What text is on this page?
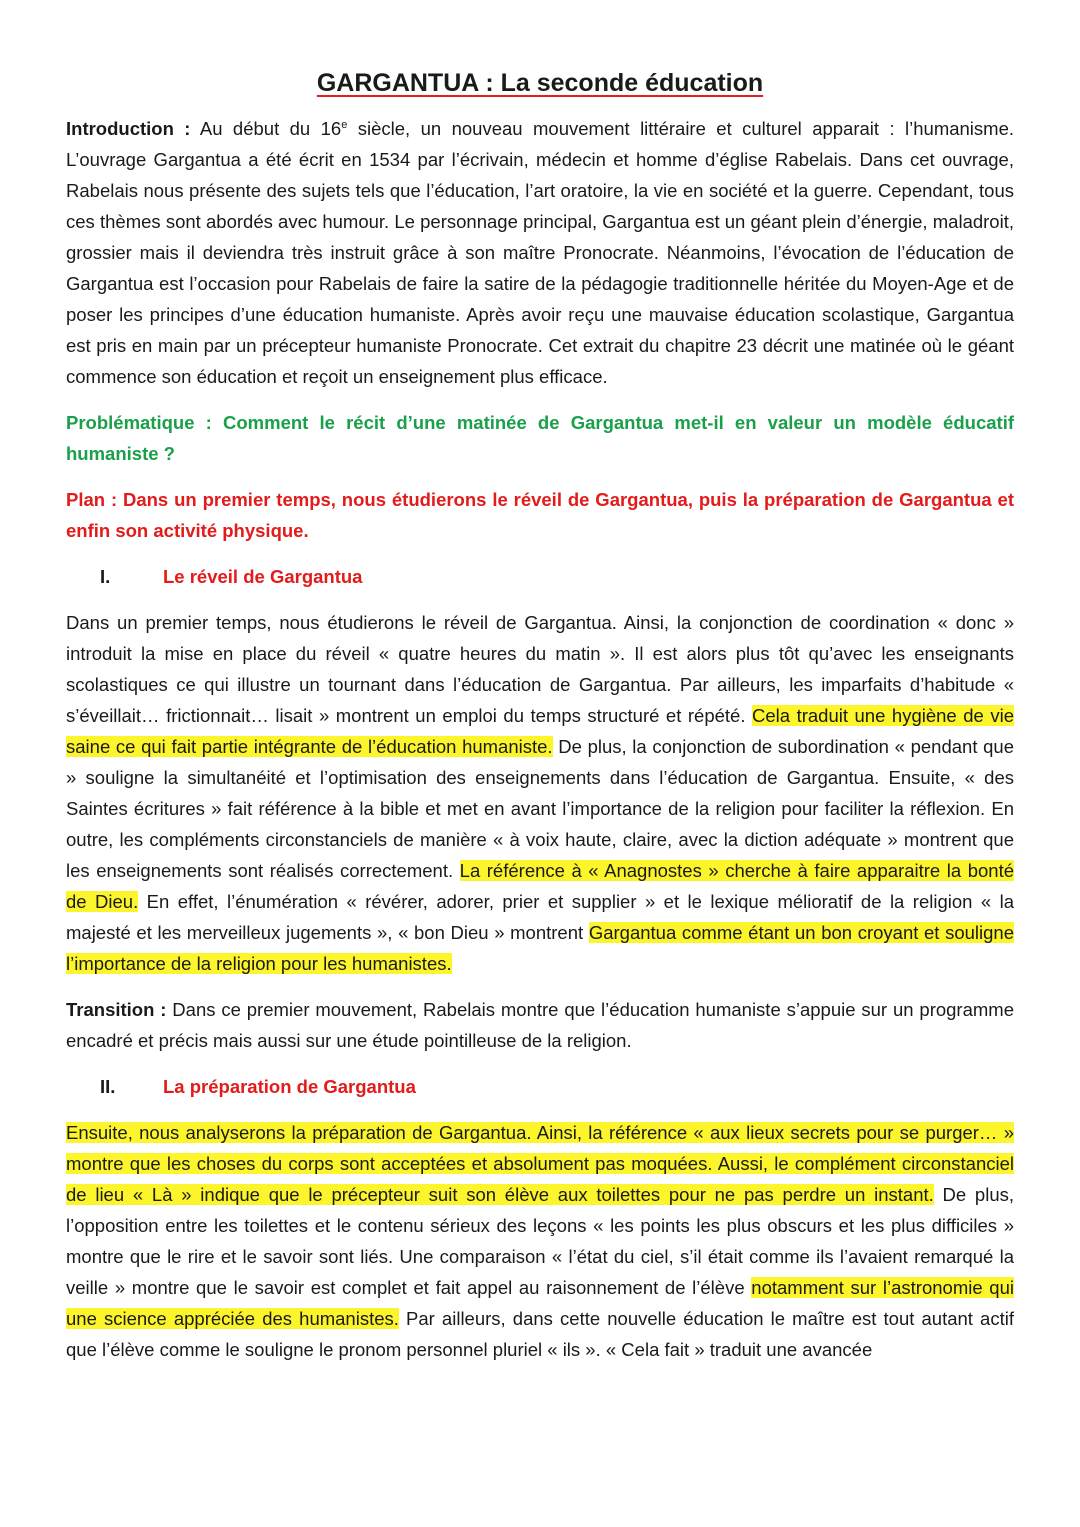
GARGANTUA : La seconde éducation

Introduction : Au début du 16e siècle, un nouveau mouvement littéraire et culturel apparait : l’humanisme. L’ouvrage Gargantua a été écrit en 1534 par l’écrivain, médecin et homme d’église Rabelais. Dans cet ouvrage, Rabelais nous présente des sujets tels que l’éducation, l’art oratoire, la vie en société et la guerre. Cependant, tous ces thèmes sont abordés avec humour. Le personnage principal, Gargantua est un géant plein d’énergie, maladroit, grossier mais il deviendra très instruit grâce à son maître Pronocrate. Néanmoins, l’évocation de l’éducation de Gargantua est l’occasion pour Rabelais de faire la satire de la pédagogie traditionnelle héritée du Moyen-Age et de poser les principes d’une éducation humaniste. Après avoir reçu une mauvaise éducation scolastique, Gargantua est pris en main par un précepteur humaniste Pronocrate. Cet extrait du chapitre 23 décrit une matinée où le géant commence son éducation et reçoit un enseignement plus efficace.

Problématique : Comment le récit d’une matinée de Gargantua met-il en valeur un modèle éducatif humaniste ?

Plan : Dans un premier temps, nous étudierons le réveil de Gargantua, puis la préparation de Gargantua et enfin son activité physique.

I.	Le réveil de Gargantua

Dans un premier temps, nous étudierons le réveil de Gargantua. Ainsi, la conjonction de coordination « donc » introduit la mise en place du réveil « quatre heures du matin ». Il est alors plus tôt qu’avec les enseignants scolastiques ce qui illustre un tournant dans l’éducation de Gargantua. Par ailleurs, les imparfaits d’habitude « s’éveillait… frictionnait… lisait » montrent un emploi du temps structuré et répété. Cela traduit une hygiène de vie saine ce qui fait partie intégrante de l’éducation humaniste. De plus, la conjonction de subordination « pendant que » souligne la simultanéité et l’optimisation des enseignements dans l’éducation de Gargantua. Ensuite, « des Saintes écritures » fait référence à la bible et met en avant l’importance de la religion pour faciliter la réflexion. En outre, les compléments circonstanciels de manière « à voix haute, claire, avec la diction adéquate » montrent que les enseignements sont réalisés correctement. La référence à « Anagnostes » cherche à faire apparaitre la bonté de Dieu. En effet, l’énumération « révérer, adorer, prier et supplier » et le lexique mélioratif de la religion « la majesté et les merveilleux jugements », « bon Dieu » montrent Gargantua comme étant un bon croyant et souligne l’importance de la religion pour les humanistes.

Transition : Dans ce premier mouvement, Rabelais montre que l’éducation humaniste s’appuie sur un programme encadré et précis mais aussi sur une étude pointilleuse de la religion.

II.	La préparation de Gargantua

Ensuite, nous analyserons la préparation de Gargantua. Ainsi, la référence « aux lieux secrets pour se purger… » montre que les choses du corps sont acceptées et absolument pas moquées. Aussi, le complément circonstanciel de lieu « Là » indique que le précepteur suit son élève aux toilettes pour ne pas perdre un instant. De plus, l’opposition entre les toilettes et le contenu sérieux des leçons « les points les plus obscurs et les plus difficiles » montre que le rire et le savoir sont liés. Une comparaison « l’état du ciel, s’il était comme ils l’avaient remarqué la veille » montre que le savoir est complet et fait appel au raisonnement de l’élève notamment sur l’astronomie qui une science appréciée des humanistes. Par ailleurs, dans cette nouvelle éducation le maître est tout autant actif que l’élève comme le souligne le pronom personnel pluriel « ils ». « Cela fait » traduit une avancée
